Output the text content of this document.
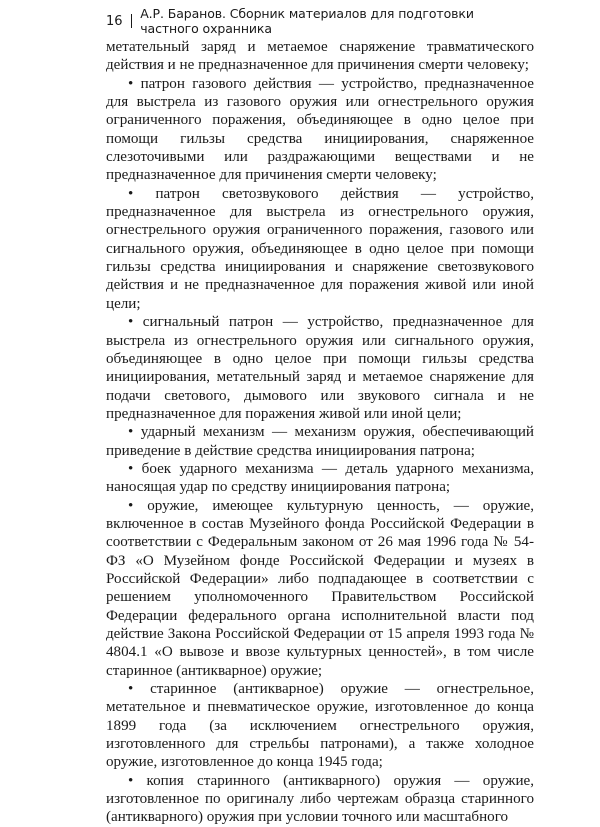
16 А.Р. Баранов. Сборник материалов для подготовки частного охранника

метательный заряд и метаемое снаряжение травматического действия и не предназначенное для причинения смерти человеку;

• патрон газового действия — устройство, предназначенное для выстрела из газового оружия или огнестрельного оружия ограниченного поражения, объединяющее в одно целое при помощи гильзы средства инициирования, снаряженное слезоточивыми или раздражающими веществами и не предназначенное для причинения смерти человеку;

• патрон светозвукового действия — устройство, предназначенное для выстрела из огнестрельного оружия, огнестрельного оружия ограниченного поражения, газового или сигнального оружия, объединяющее в одно целое при помощи гильзы средства инициирования и снаряжение светозвукового действия и не предназначенное для поражения живой или иной цели;

• сигнальный патрон — устройство, предназначенное для выстрела из огнестрельного оружия или сигнального оружия, объединяющее в одно целое при помощи гильзы средства инициирования, метательный заряд и метаемое снаряжение для подачи светового, дымового или звукового сигнала и не предназначенное для поражения живой или иной цели;

• ударный механизм — механизм оружия, обеспечивающий приведение в действие средства инициирования патрона;

• боек ударного механизма — деталь ударного механизма, наносящая удар по средству инициирования патрона;

• оружие, имеющее культурную ценность, — оружие, включенное в состав Музейного фонда Российской Федерации в соответствии с Федеральным законом от 26 мая 1996 года № 54-ФЗ «О Музейном фонде Российской Федерации и музеях в Российской Федерации» либо подпадающее в соответствии с решением уполномоченного Правительством Российской Федерации федерального органа исполнительной власти под действие Закона Российской Федерации от 15 апреля 1993 года № 4804.1 «О вывозе и ввозе культурных ценностей», в том числе старинное (антикварное) оружие;

• старинное (антикварное) оружие — огнестрельное, метательное и пневматическое оружие, изготовленное до конца 1899 года (за исключением огнестрельного оружия, изготовленного для стрельбы патронами), а также холодное оружие, изготовленное до конца 1945 года;

• копия старинного (антикварного) оружия — оружие, изготовленное по оригиналу либо чертежам образца старинного (антикварного) оружия при условии точного или масштабного
